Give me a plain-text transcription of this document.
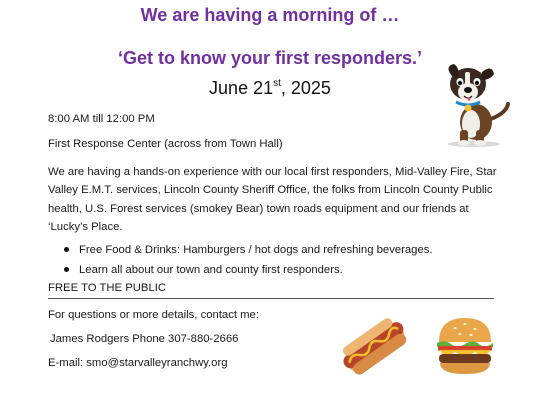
We are having a morning of …
‘Get to know your first responders.’
June 21st, 2025
8:00 AM till 12:00 PM
First Response Center (across from Town Hall)
We are having a hands-on experience with our local first responders, Mid-Valley Fire, Star Valley E.M.T. services, Lincoln County Sheriff Office, the folks from Lincoln County Public health, U.S. Forest services (smokey Bear) town roads equipment and our friends at ‘Lucky’s Place.
Free Food & Drinks: Hamburgers / hot dogs and refreshing beverages.
Learn all about our town and county first responders.
FREE TO THE PUBLIC
For questions or more details, contact me:
James Rodgers Phone 307-880-2666
E-mail: smo@starvalleyranchwy.org
